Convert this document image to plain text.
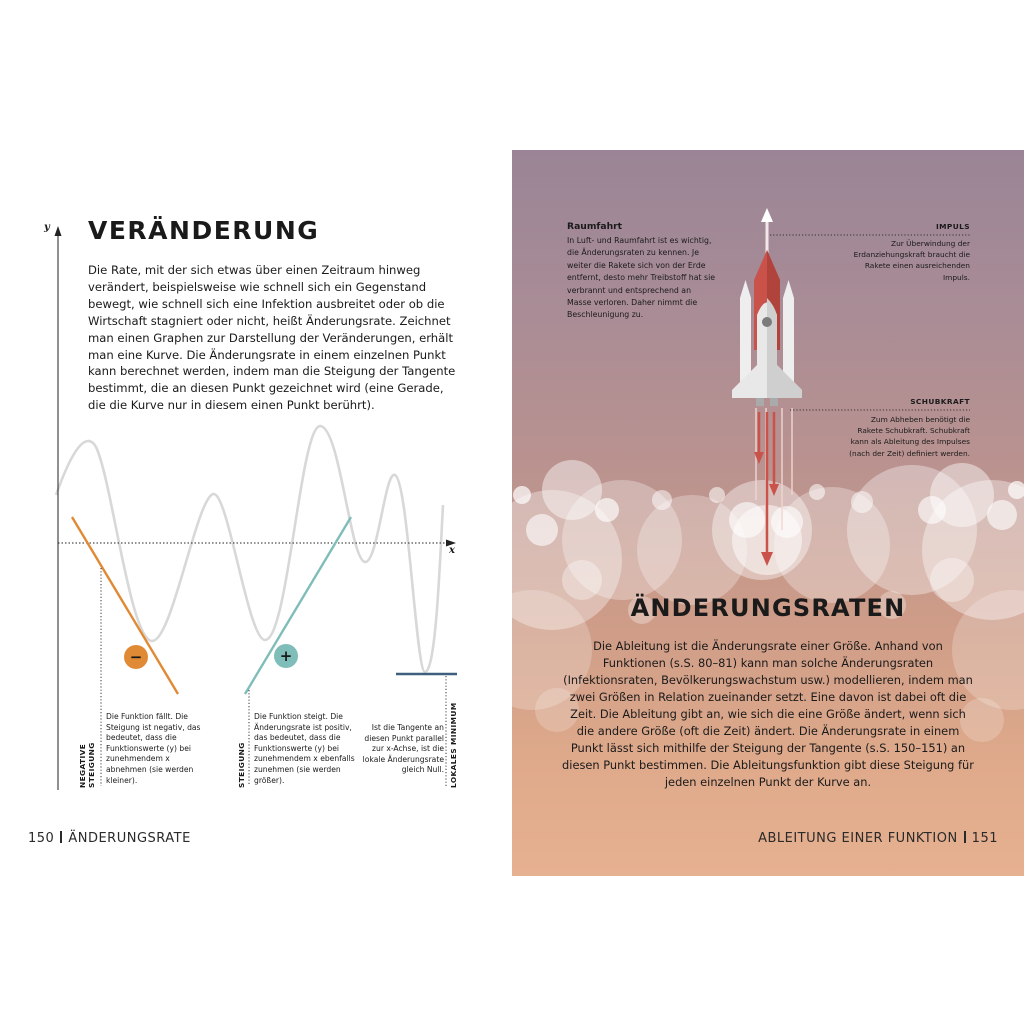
VERÄNDERUNG

Die Rate, mit der sich etwas über einen Zeitraum hinweg verändert, beispielsweise wie schnell sich ein Gegenstand bewegt, wie schnell sich eine Infektion ausbreitet oder ob die Wirtschaft stagniert oder nicht, heißt Änderungsrate. Zeichnet man einen Graphen zur Darstellung der Veränderungen, erhält man eine Kurve. Die Änderungsrate in einem einzelnen Punkt kann berechnet werden, indem man die Steigung der Tangente bestimmt, die an diesen Punkt gezeichnet wird (eine Gerade, die die Kurve nur in diesem einen Punkt berührt).

−	+
y
x

Die Funktion fällt. Die Steigung ist negativ, das bedeutet, dass die Funktionswerte (y) bei zunehmendem x abnehmen (sie werden kleiner).

Die Funktion steigt. Die Änderungsrate ist positiv, das bedeutet, dass die Funktionswerte (y) bei zunehmendem x ebenfalls zunehmen (sie werden größer).

Ist die Tangente an diesen Punkt parallel zur x-Achse, ist die lokale Änderungsrate gleich Null.

NEGATIVE STEIGUNG	STEIGUNG	LOKALES MINIMUM
150 ÄNDERUNGSRATE
Raumfahrt

In Luft- und Raumfahrt ist es wichtig, die Änderungsraten zu kennen. Je weiter die Rakete sich von der Erde entfernt, desto mehr Treibstoff hat sie verbrannt und entsprechend an Masse verloren. Daher nimmt die Beschleunigung zu.

IMPULS

Zur Überwindung der Erdanziehungskraft braucht die Rakete einen ausreichenden Impuls.

SCHUBKRAFT

Zum Abheben benötigt die Rakete Schubkraft. Schubkraft kann als Ableitung des Impulses (nach der Zeit) definiert werden.

ÄNDERUNGSRATEN

Die Ableitung ist die Änderungsrate einer Größe. Anhand von Funktionen (s.S. 80–81) kann man solche Änderungsraten (Infektionsraten, Bevölkerungswachstum usw.) modellieren, indem man zwei Größen in Relation zueinander setzt. Eine davon ist dabei oft die Zeit. Die Ableitung gibt an, wie sich die eine Größe ändert, wenn sich die andere Größe (oft die Zeit) ändert. Die Änderungsrate in einem Punkt lässt sich mithilfe der Steigung der Tangente (s.S. 150–151) an diesen Punkt bestimmen. Die Ableitungsfunktion gibt diese Steigung für jeden einzelnen Punkt der Kurve an.

ABLEITUNG EINER FUNKTION 151
